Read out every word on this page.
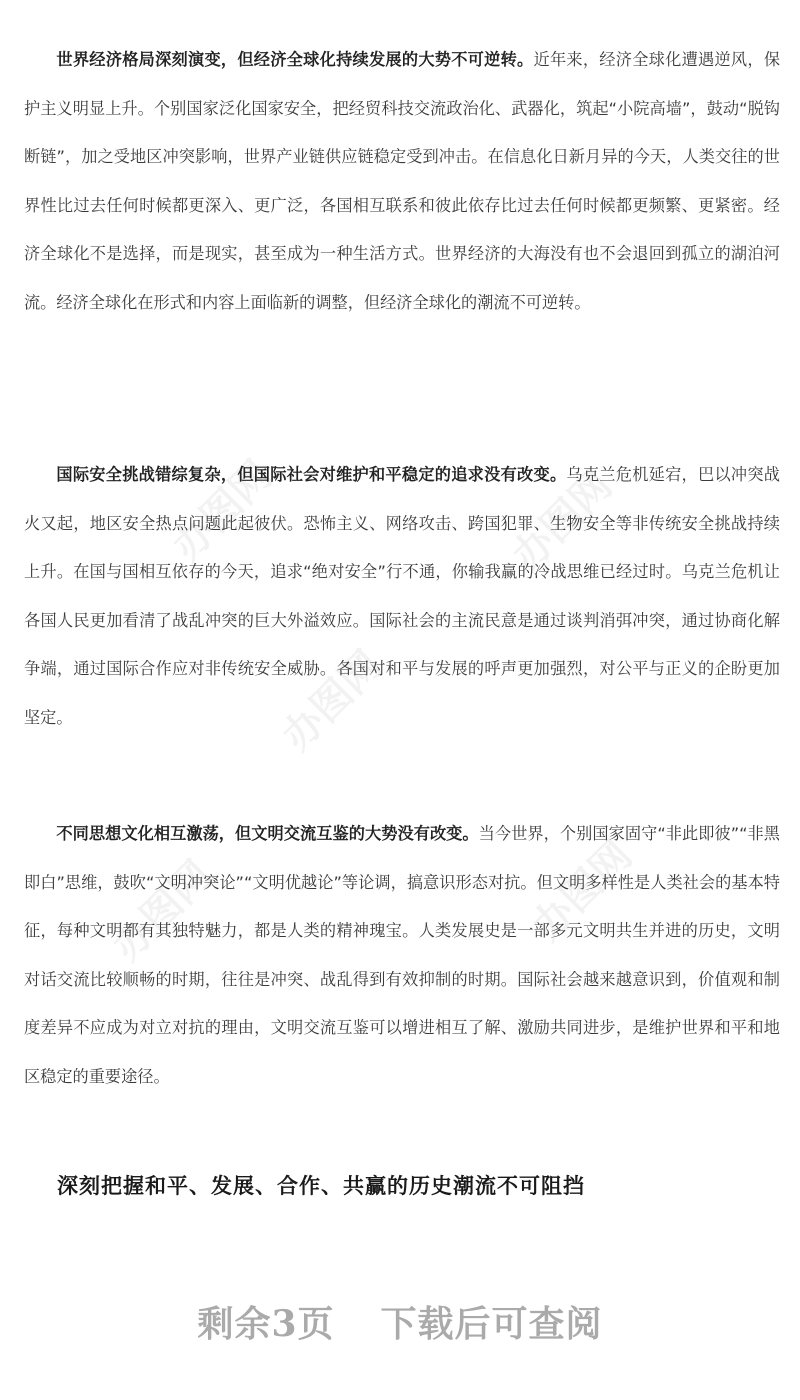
世界经济格局深刻演变，但经济全球化持续发展的大势不可逆转。近年来，经济全球化遭遇逆风，保护主义明显上升。个别国家泛化国家安全，把经贸科技交流政治化、武器化，筑起“小院高墙”，鼓动“脱钩断链”，加之受地区冲突影响，世界产业链供应链稳定受到冲击。在信息化日新月异的今天，人类交往的世界性比过去任何时候都更深入、更广泛，各国相互联系和彼此依存比过去任何时候都更频繁、更紧密。经济全球化不是选择，而是现实，甚至成为一种生活方式。世界经济的大海没有也不会退回到孤立的湖泊河流。经济全球化在形式和内容上面临新的调整，但经济全球化的潮流不可逆转。

国际安全挑战错综复杂，但国际社会对维护和平稳定的追求没有改变。乌克兰危机延宕，巴以冲突战火又起，地区安全热点问题此起彼伏。恐怖主义、网络攻击、跨国犯罪、生物安全等非传统安全挑战持续上升。在国与国相互依存的今天，追求“绝对安全”行不通，你输我赢的冷战思维已经过时。乌克兰危机让各国人民更加看清了战乱冲突的巨大外溢效应。国际社会的主流民意是通过谈判消弭冲突，通过协商化解争端，通过国际合作应对非传统安全威胁。各国对和平与发展的呼声更加强烈，对公平与正义的企盼更加坚定。

不同思想文化相互激荡，但文明交流互鉴的大势没有改变。当今世界，个别国家固守“非此即彼”“非黑即白”思维，鼓吹“文明冲突论”“文明优越论”等论调，搞意识形态对抗。但文明多样性是人类社会的基本特征，每种文明都有其独特魅力，都是人类的精神瑰宝。人类发展史是一部多元文明共生并进的历史，文明对话交流比较顺畅的时期，往往是冲突、战乱得到有效抑制的时期。国际社会越来越意识到，价值观和制度差异不应成为对立对抗的理由，文明交流互鉴可以增进相互了解、激励共同进步，是维护世界和平和地区稳定的重要途径。

深刻把握和平、发展、合作、共赢的历史潮流不可阻挡
剩余3页 下载后可查阅
办图网
办图网
办图网
办图网
办图网
